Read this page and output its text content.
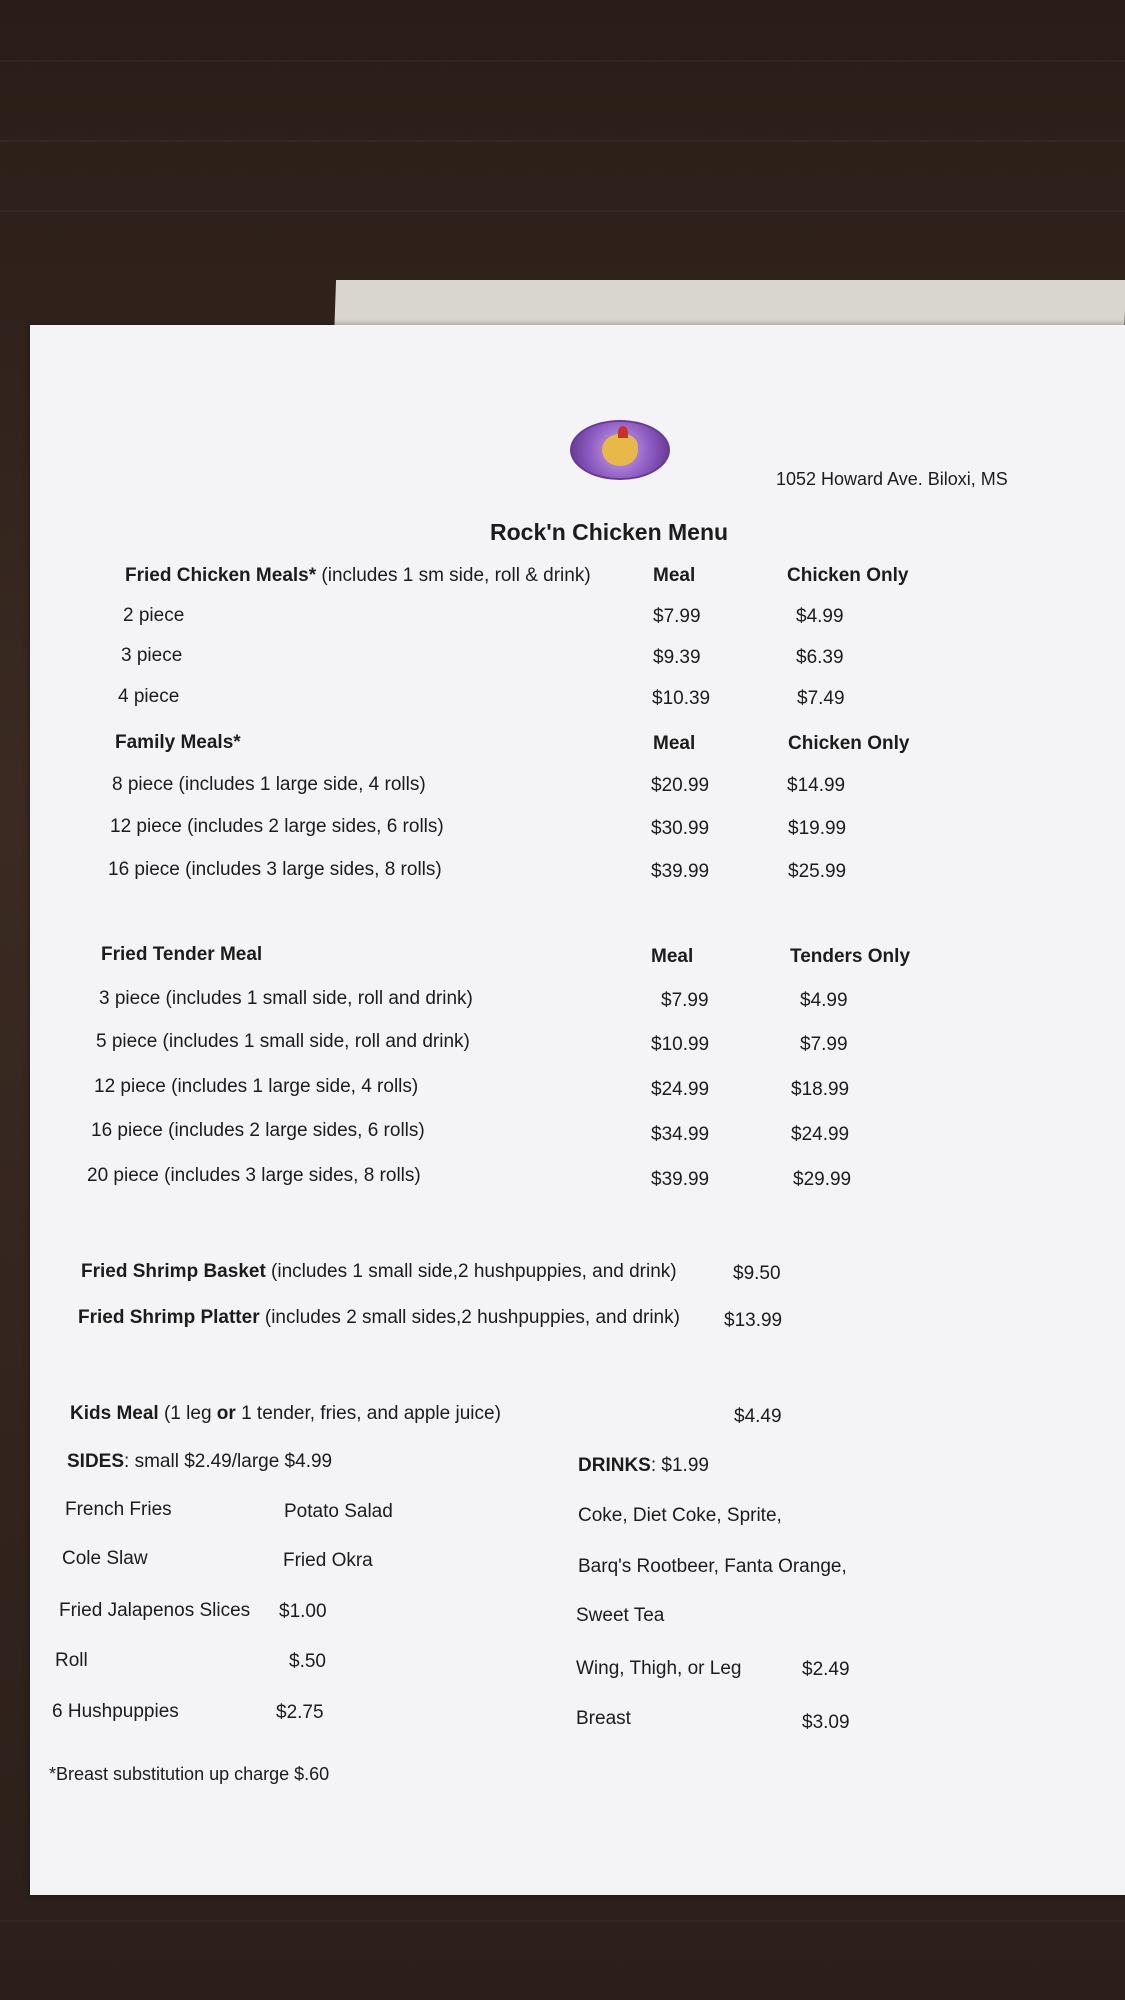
1052 Howard Ave. Biloxi, MS
Rock'n Chicken Menu
Fried Chicken Meals* (includes 1 sm side, roll & drink)	Meal	Chicken Only
2 piece	$7.99	$4.99
3 piece	$9.39	$6.39
4 piece	$10.39	$7.49
Family Meals*	Meal	Chicken Only
8 piece (includes 1 large side, 4 rolls)	$20.99	$14.99
12 piece (includes 2 large sides, 6 rolls)	$30.99	$19.99
16 piece (includes 3 large sides, 8 rolls)	$39.99	$25.99
Fried Tender Meal	Meal	Tenders Only
3 piece (includes 1 small side, roll and drink)	$7.99	$4.99
5 piece (includes 1 small side, roll and drink)	$10.99	$7.99
12 piece (includes 1 large side, 4 rolls)	$24.99	$18.99
16 piece (includes 2 large sides, 6 rolls)	$34.99	$24.99
20 piece (includes 3 large sides, 8 rolls)	$39.99	$29.99
Fried Shrimp Basket (includes 1 small side,2 hushpuppies, and drink)	$9.50
Fried Shrimp Platter (includes 2 small sides,2 hushpuppies, and drink) $13.99
Kids Meal (1 leg or 1 tender, fries, and apple juice)	$4.49
SIDES: small $2.49/large $4.99
French Fries	Potato Salad
Cole Slaw	Fried Okra
Fried Jalapenos Slices $1.00
Roll	$.50
6 Hushpuppies	$2.75
DRINKS: $1.99
Coke, Diet Coke, Sprite,
Barq's Rootbeer, Fanta Orange,
Sweet Tea
Wing, Thigh, or Leg	$2.49
Breast	$3.09
*Breast substitution up charge $.60
